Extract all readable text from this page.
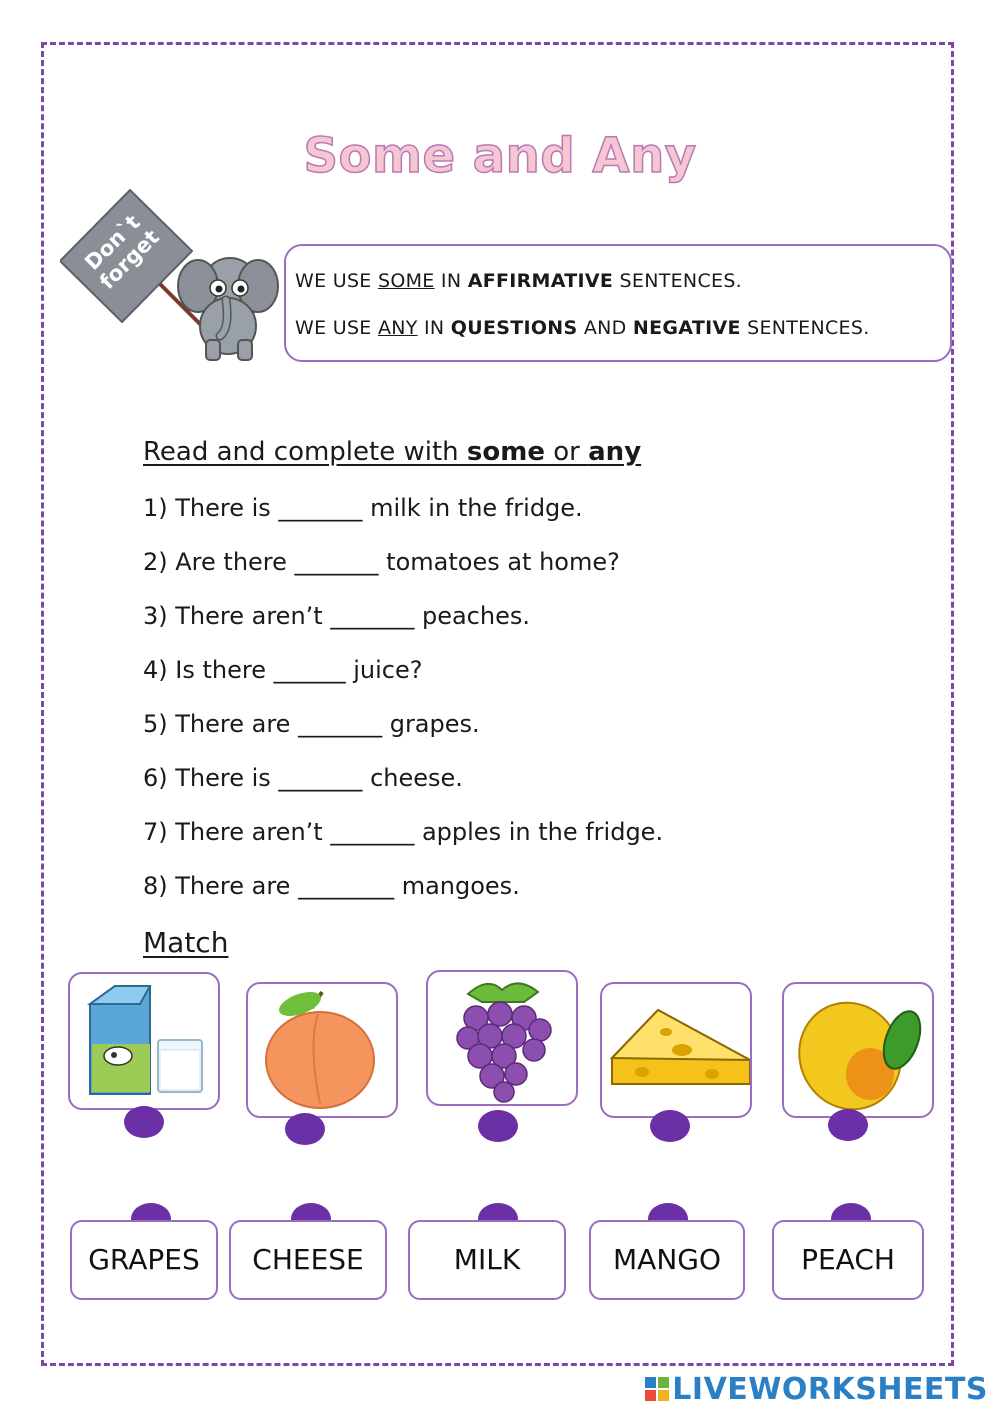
Some and Any
Don`t forget	WE USE SOME IN AFFIRMATIVE SENTENCES.
WE USE ANY IN QUESTIONS AND NEGATIVE SENTENCES.
Read and complete with some or any
1) There is _______ milk in the fridge.
2) Are there _______ tomatoes at home?
3) There aren’t _______ peaches.
4) Is there ______ juice?
5) There are _______ grapes.
6) There is _______ cheese.
7) There aren’t _______ apples in the fridge.
8) There are ________ mangoes.
Match
GRAPES	CHEESE	MILK	MANGO	PEACH
LIVEWORKSHEETS
